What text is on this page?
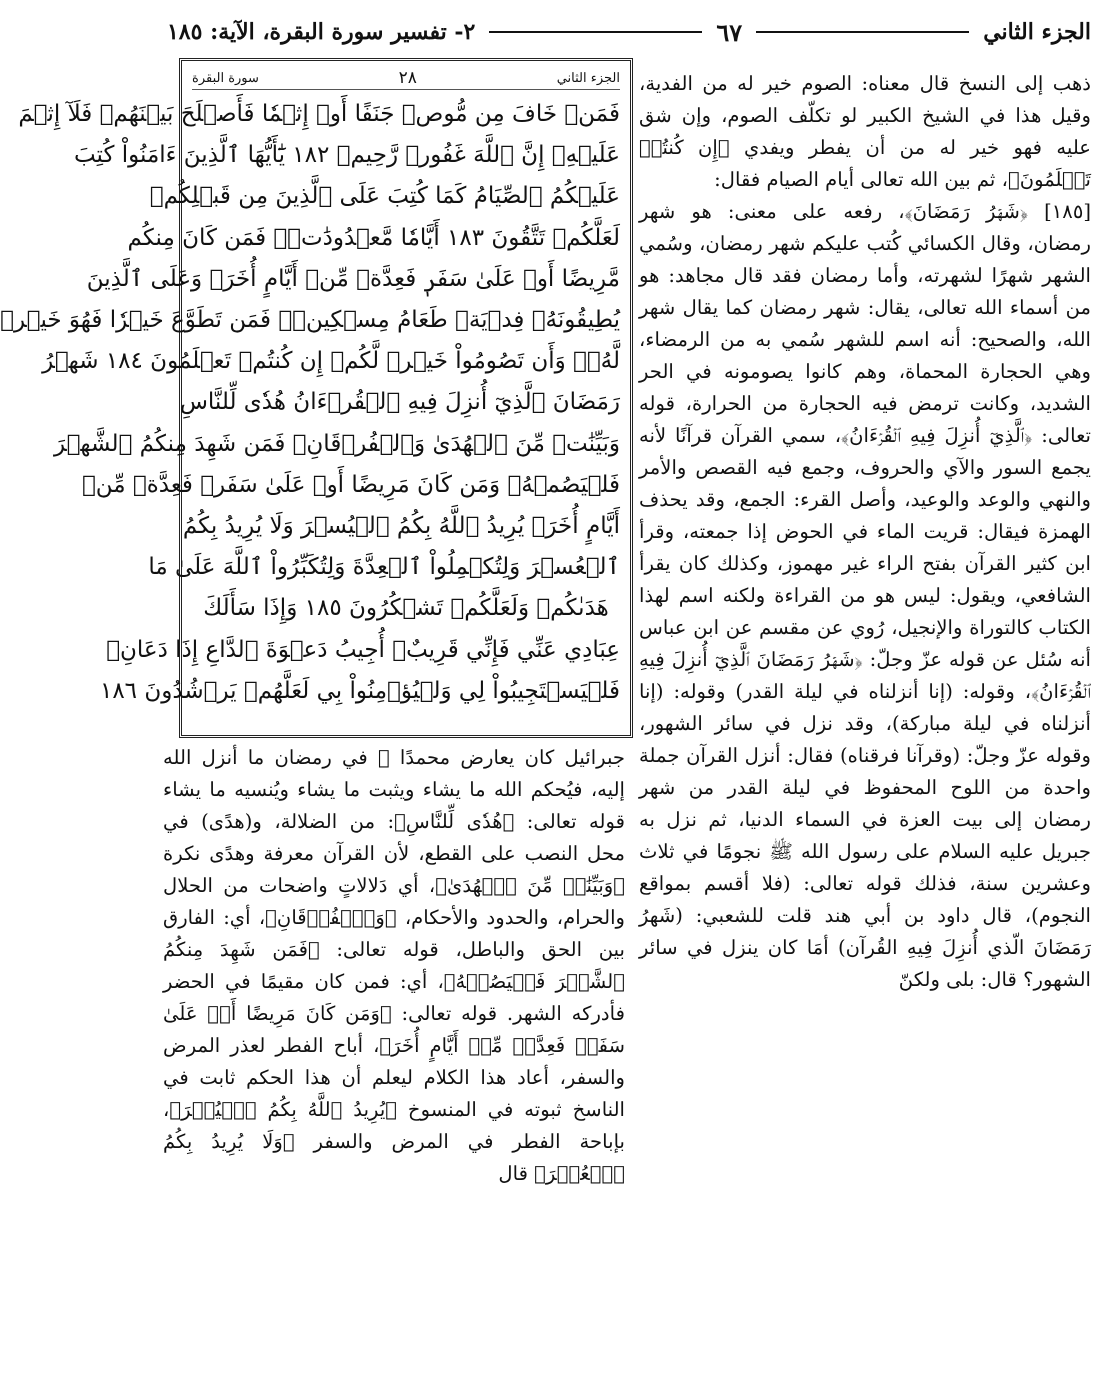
الجزء الثاني
٦٧
٢- تفسير سورة البقرة، الآية: ١٨٥

ذهب إلى النسخ قال معناه: الصوم خير له من الفدية، وقيل هذا في الشيخ الكبير لو تكلّف الصوم، وإن شق عليه فهو خير له من أن يفطر ويفدي ﴿إِن كُنتُمۡ تَعۡلَمُونَ﴾، ثم بين الله تعالى أيام الصيام فقال:

[١٨٥] ﴿شَهۡرُ رَمَضَانَ﴾، رفعه على معنى: هو شهر رمضان، وقال الكسائي كُتب عليكم شهر رمضان، وسُمي الشهر شهرًا لشهرته، وأما رمضان فقد قال مجاهد: هو من أسماء الله تعالى، يقال: شهر رمضان كما يقال شهر الله، والصحيح: أنه اسم للشهر سُمي به من الرمضاء، وهي الحجارة المحماة، وهم كانوا يصومونه في الحر الشديد، وكانت ترمض فيه الحجارة من الحرارة، قوله تعالى: ﴿ٱلَّذِيٓ أُنزِلَ فِيهِ ٱلۡقُرۡءَانُ﴾، سمي القرآن قرآنًا لأنه يجمع السور والآي والحروف، وجمع فيه القصص والأمر والنهي والوعد والوعيد، وأصل القرء: الجمع، وقد يحذف الهمزة فيقال: قريت الماء في الحوض إذا جمعته، وقرأ ابن كثير القرآن بفتح الراء غير مهموز، وكذلك كان يقرأ الشافعي، ويقول: ليس هو من القراءة ولكنه اسم لهذا الكتاب كالتوراة والإنجيل، رُوي عن مقسم عن ابن عباس أنه سُئل عن قوله عزّ وجلّ: ﴿شَهۡرُ رَمَضَانَ ٱلَّذِيٓ أُنزِلَ فِيهِ ٱلۡقُرۡءَانُ﴾، وقوله: (إنا أنزلناه في ليلة القدر) وقوله: (إنا أنزلناه في ليلة مباركة)، وقد نزل في سائر الشهور، وقوله عزّ وجلّ: (وقرآنا فرقناه) فقال: أنزل القرآن جملة واحدة من اللوح المحفوظ في ليلة القدر من شهر رمضان إلى بيت العزة في السماء الدنيا، ثم نزل به جبريل عليه السلام على رسول الله ﷺ نجومًا في ثلاث وعشرين سنة، فذلك قوله تعالى: (فلا أقسم بمواقع النجوم)، قال داود بن أبي هند قلت للشعبي: (شَهرُ رَمَضَانَ الّذي أُنزِلَ فِيهِ القُرآن) أمَا كان ينزل في سائر الشهور؟ قال: بلى ولكنّ

الجزء الثاني
٢٨
سورة البقرة
فَمَنۡ خَافَ مِن مُّوصٖ جَنَفًا أَوۡ إِثۡمٗا فَأَصۡلَحَ بَيۡنَهُمۡ فَلَآ إِثۡمَ
عَلَيۡهِۚ إِنَّ ٱللَّهَ غَفُورٞ رَّحِيمٞ ١٨٢ يَٰٓأَيُّهَا ٱلَّذِينَ ءَامَنُواْ كُتِبَ
عَلَيۡكُمُ ٱلصِّيَامُ كَمَا كُتِبَ عَلَى ٱلَّذِينَ مِن قَبۡلِكُمۡ
لَعَلَّكُمۡ تَتَّقُونَ ١٨٣ أَيَّامٗا مَّعۡدُودَٰتٖۚ فَمَن كَانَ مِنكُم
مَّرِيضًا أَوۡ عَلَىٰ سَفَرٖ فَعِدَّةٞ مِّنۡ أَيَّامٍ أُخَرَۚ وَعَلَى ٱلَّذِينَ
يُطِيقُونَهُۥ فِدۡيَةٞ طَعَامُ مِسۡكِينٖۖ فَمَن تَطَوَّعَ خَيۡرٗا فَهُوَ خَيۡرٞ
لَّهُۥۚ وَأَن تَصُومُواْ خَيۡرٞ لَّكُمۡ إِن كُنتُمۡ تَعۡلَمُونَ ١٨٤ شَهۡرُ
رَمَضَانَ ٱلَّذِيٓ أُنزِلَ فِيهِ ٱلۡقُرۡءَانُ هُدٗى لِّلنَّاسِ
وَبَيِّنَٰتٖ مِّنَ ٱلۡهُدَىٰ وَٱلۡفُرۡقَانِۚ فَمَن شَهِدَ مِنكُمُ ٱلشَّهۡرَ
فَلۡيَصُمۡهُۖ وَمَن كَانَ مَرِيضًا أَوۡ عَلَىٰ سَفَرٖ فَعِدَّةٞ مِّنۡ
أَيَّامٍ أُخَرَۗ يُرِيدُ ٱللَّهُ بِكُمُ ٱلۡيُسۡرَ وَلَا يُرِيدُ بِكُمُ
ٱلۡعُسۡرَ وَلِتُكۡمِلُواْ ٱلۡعِدَّةَ وَلِتُكَبِّرُواْ ٱللَّهَ عَلَىٰ مَا
هَدَىٰكُمۡ وَلَعَلَّكُمۡ تَشۡكُرُونَ ١٨٥ وَإِذَا سَأَلَكَ
عِبَادِي عَنِّي فَإِنِّي قَرِيبٌۖ أُجِيبُ دَعۡوَةَ ٱلدَّاعِ إِذَا دَعَانِۖ
فَلۡيَسۡتَجِيبُواْ لِي وَلۡيُؤۡمِنُواْ بِي لَعَلَّهُمۡ يَرۡشُدُونَ ١٨٦

جبرائيل كان يعارض محمدًا ﷺ في رمضان ما أنزل الله إليه، فيُحكم الله ما يشاء ويثبت ما يشاء ويُنسيه ما يشاء قوله تعالى: ﴿هُدٗى لِّلنَّاسِ﴾: من الضلالة، و(هدًى) في محل النصب على القطع، لأن القرآن معرفة وهدًى نكرة ﴿وَبَيِّنَٰتٖ مِّنَ ٱلۡهُدَىٰ﴾، أي دَلالاتٍ واضحات من الحلال والحرام، والحدود والأحكام، ﴿وَٱلۡفُرۡقَانِ﴾، أي: الفارق بين الحق والباطل، قوله تعالى: ﴿فَمَن شَهِدَ مِنكُمُ ٱلشَّهۡرَ فَلۡيَصُمۡهُ﴾، أي: فمن كان مقيمًا في الحضر فأدركه الشهر. قوله تعالى: ﴿وَمَن كَانَ مَرِيضًا أَوۡ عَلَىٰ سَفَرٖ فَعِدَّةٞ مِّنۡ أَيَّامٍ أُخَرَ﴾، أباح الفطر لعذر المرض والسفر، أعاد هذا الكلام ليعلم أن هذا الحكم ثابت في الناسخ ثبوته في المنسوخ ﴿يُرِيدُ ٱللَّهُ بِكُمُ ٱلۡيُسۡرَ﴾، بإباحة الفطر في المرض والسفر ﴿وَلَا يُرِيدُ بِكُمُ ٱلۡعُسۡرَ﴾ قال
